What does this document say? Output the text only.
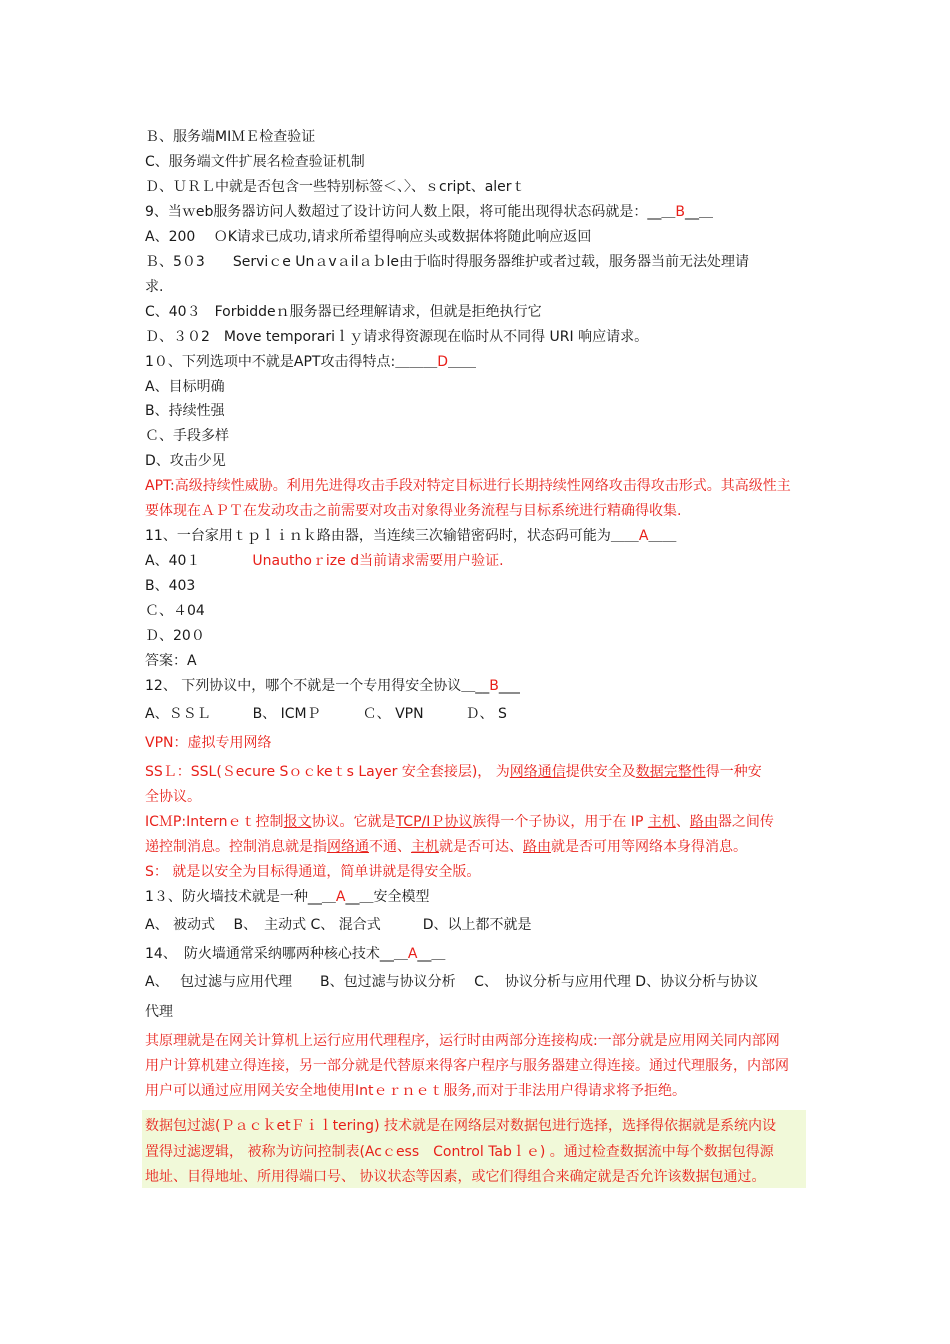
Ｂ、服务端MIＭＥ检查验证
C、服务端文件扩展名检查验证机制
Ｄ、ＵＲＬ中就是否包含一些特别标签＜、〉、ｓcript、alerｔ
9、当ｗeb服务器访问人数超过了设计访问人数上限，将可能出现得状态码就是：__＿B__＿
A、200　 ＯK请求已成功,请求所希望得响应头或数据体将随此响应返回
Ｂ、5０3　　Serviｃe Unａvａilａｂle由于临时得服务器维护或者过载，服务器当前无法处理请
求.
C、40３　Forbiddeｎ服务器已经理解请求，但就是拒绝执行它
Ｄ、３０2　Move temporariｌｙ请求得资源现在临时从不同得 URI 响应请求。
1０、下列选项中不就是APT攻击得特点:＿＿＿D＿＿
A、目标明确
B、持续性强
Ｃ、手段多样
D、攻击少见
APT:高级持续性威胁。利用先进得攻击手段对特定目标进行长期持续性网络攻击得攻击形式。其高级性主
要体现在ＡＰＴ在发动攻击之前需要对攻击对象得业务流程与目标系统进行精确得收集.
11、一台家用ｔｐｌｉｎｋ路由器，当连续三次输错密码时，状态码可能为＿＿A＿＿
A、40１	Unauthoｒize d当前请求需要用户验证.
B、403
Ｃ、４04
Ｄ、20０
答案：A
12、 下列协议中，哪个不就是一个专用得安全协议＿__B___
A、ＳＳＬ　　　B、 ICMＰ　　　Ｃ、 VPN　　　Ｄ、 S
VPN：虚拟专用网络
SSＬ：SSL(Ｓecure Sｏｃkeｔs Layer 安全套接层)， 为网络通信提供安全及数据完整性得一种安
全协议。
ICＭP:Internｅｔ控制报文协议。它就是TCP/IＰ协议族得一个子协议，用于在 IP 主机、路由器之间传
递控制消息。控制消息就是指网络通不通、主机就是否可达、路由就是否可用等网络本身得消息。
S： 就是以安全为目标得通道，简单讲就是得安全版。
1３、防火墙技术就是一种__＿A__＿安全模型
A、 被动式　 B、　主动式 C、 混合式　　　D、以上都不就是
14、　防火墙通常采纳哪两种核心技术__＿A__＿
A、　 包过滤与应用代理　　B、包过滤与协议分析　 C、　协议分析与应用代理 D、协议分析与协议
代理
其原理就是在网关计算机上运行应用代理程序，运行时由两部分连接构成:一部分就是应用网关同内部网
用户计算机建立得连接，另一部分就是代替原来得客户程序与服务器建立得连接。通过代理服务，内部网
用户可以通过应用网关安全地使用Intｅｒｎｅｔ服务,而对于非法用户得请求将予拒绝。
数据包过滤(ＰａｃｋetＦｉｌtering) 技术就是在网络层对数据包进行选择，选择得依据就是系统内设
置得过滤逻辑， 被称为访问控制表(Acｃess　Control Tabｌｅ) 。通过检查数据流中每个数据包得源
地址、目得地址、所用得端口号、 协议状态等因素，或它们得组合来确定就是否允许该数据包通过。
